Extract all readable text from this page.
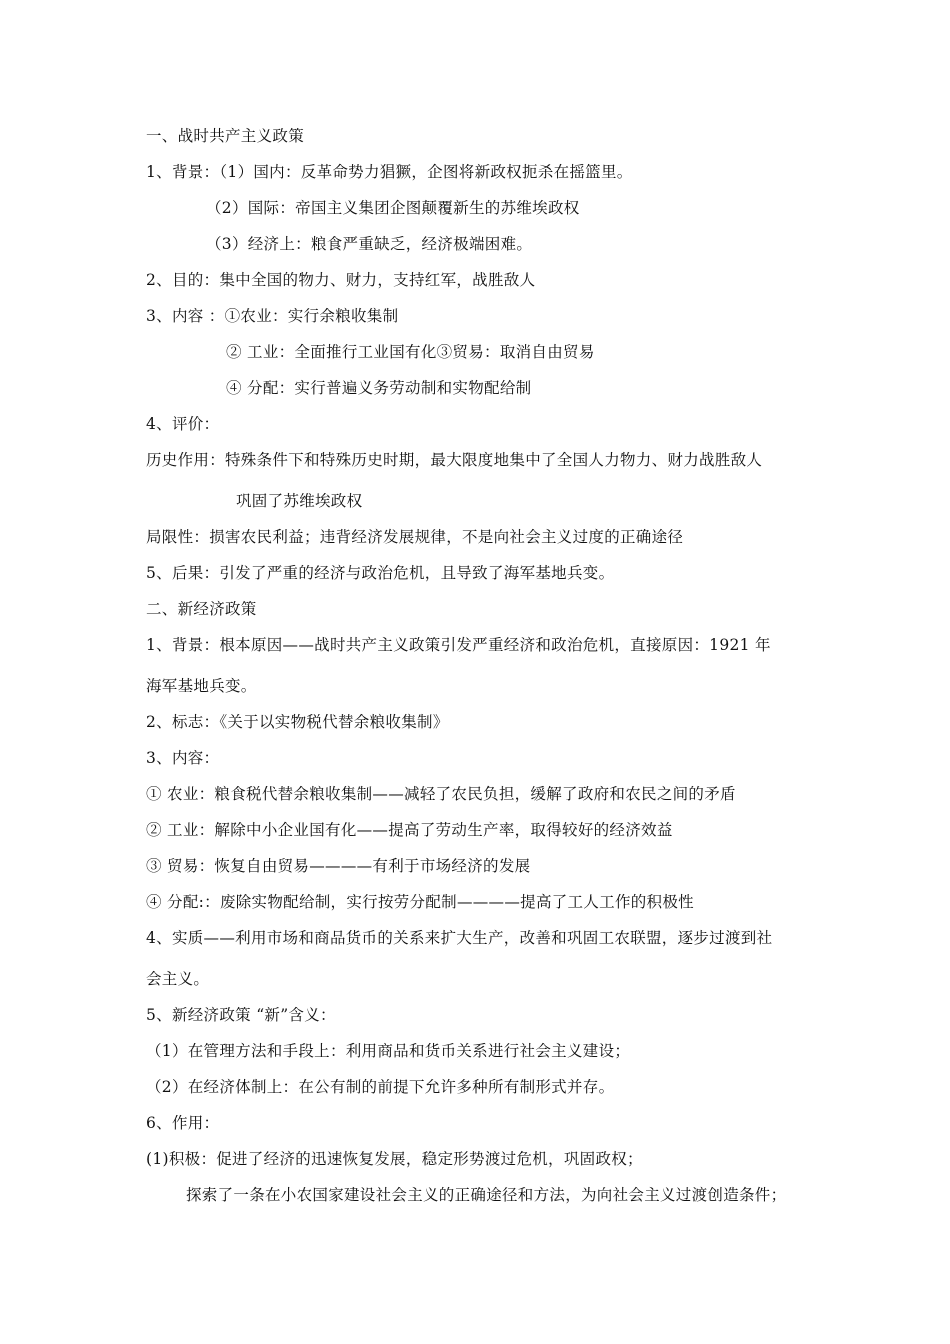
一、战时共产主义政策
1、背景：（1）国内：反革命势力猖獗，企图将新政权扼杀在摇篮里。
（2）国际：帝国主义集团企图颠覆新生的苏维埃政权
（3）经济上：粮食严重缺乏，经济极端困难。
2、目的：集中全国的物力、财力，支持红军，战胜敌人
3、内容 ：①农业：实行余粮收集制
② 工业：全面推行工业国有化③贸易：取消自由贸易
④ 分配：实行普遍义务劳动制和实物配给制
4、评价：
历史作用：特殊条件下和特殊历史时期，最大限度地集中了全国人力物力、财力战胜敌人
巩固了苏维埃政权
局限性：损害农民利益；违背经济发展规律，不是向社会主义过度的正确途径
5、后果：引发了严重的经济与政治危机，且导致了海军基地兵变。
二、新经济政策
1、背景：根本原因——战时共产主义政策引发严重经济和政治危机，直接原因：1921 年
海军基地兵变。
2、标志：《关于以实物税代替余粮收集制》
3、内容：
① 农业：粮食税代替余粮收集制——减轻了农民负担，缓解了政府和农民之间的矛盾
② 工业：解除中小企业国有化——提高了劳动生产率，取得较好的经济效益
③ 贸易：恢复自由贸易————有利于市场经济的发展
④ 分配:：废除实物配给制，实行按劳分配制————提高了工人工作的积极性
4、实质——利用市场和商品货币的关系来扩大生产，改善和巩固工农联盟，逐步过渡到社
会主义。
5、新经济政策 “新”含义：
（1）在管理方法和手段上：利用商品和货币关系进行社会主义建设；
（2）在经济体制上：在公有制的前提下允许多种所有制形式并存。
6、作用：
(1)积极：促进了经济的迅速恢复发展，稳定形势渡过危机，巩固政权；
探索了一条在小农国家建设社会主义的正确途径和方法，为向社会主义过渡创造条件；
